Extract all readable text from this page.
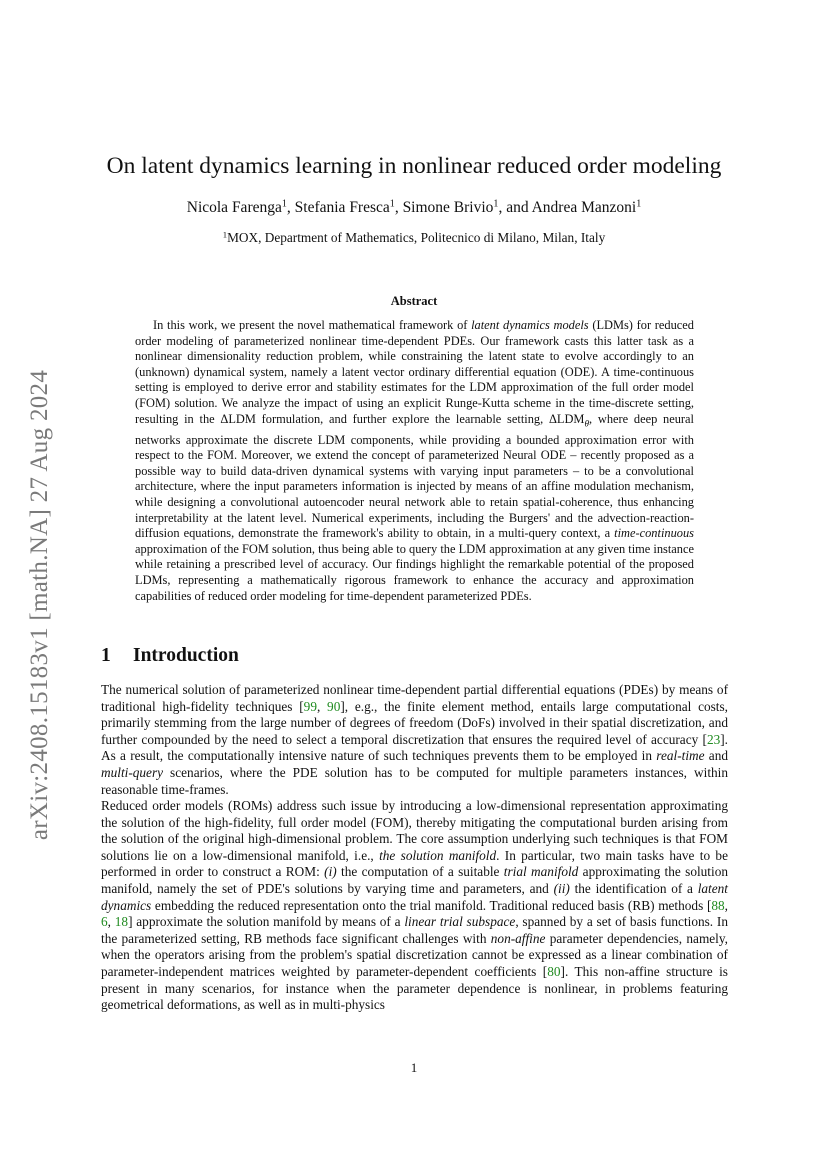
arXiv:2408.15183v1 [math.NA] 27 Aug 2024
On latent dynamics learning in nonlinear reduced order modeling
Nicola Farenga$^1$, Stefania Fresca$^1$, Simone Brivio$^1$, and Andrea Manzoni$^1$
$^1$MOX, Department of Mathematics, Politecnico di Milano, Milan, Italy
Abstract

In this work, we present the novel mathematical framework of latent dynamics models (LDMs) for reduced order modeling of parameterized nonlinear time-dependent PDEs. Our framework casts this latter task as a nonlinear dimensionality reduction problem, while constraining the latent state to evolve accordingly to an (unknown) dynamical system, namely a latent vector ordinary differential equation (ODE). A time-continuous setting is employed to derive error and stability estimates for the LDM approximation of the full order model (FOM) solution. We analyze the impact of using an explicit Runge-Kutta scheme in the time-discrete setting, resulting in the ΔLDM formulation, and further explore the learnable setting, $\Delta LDM_\theta$, where deep neural networks approximate the discrete LDM components, while providing a bounded approximation error with respect to the FOM. Moreover, we extend the concept of parameterized Neural ODE – recently proposed as a possible way to build data-driven dynamical systems with varying input parameters – to be a convolutional architecture, where the input parameters information is injected by means of an affine modulation mechanism, while designing a convolutional autoencoder neural network able to retain spatial-coherence, thus enhancing interpretability at the latent level. Numerical experiments, including the Burgers' and the advection-reaction-diffusion equations, demonstrate the framework's ability to obtain, in a multi-query context, a time-continuous approximation of the FOM solution, thus being able to query the LDM approximation at any given time instance while retaining a prescribed level of accuracy. Our findings highlight the remarkable potential of the proposed LDMs, representing a mathematically rigorous framework to enhance the accuracy and approximation capabilities of reduced order modeling for time-dependent parameterized PDEs.

1 Introduction

The numerical solution of parameterized nonlinear time-dependent partial differential equations (PDEs) by means of traditional high-fidelity techniques [99, 90], e.g., the finite element method, entails large computational costs, primarily stemming from the large number of degrees of freedom (DoFs) involved in their spatial discretization, and further compounded by the need to select a temporal discretization that ensures the required level of accuracy [23]. As a result, the computationally intensive nature of such techniques prevents them to be employed in real-time and multi-query scenarios, where the PDE solution has to be computed for multiple parameters instances, within reasonable time-frames.

Reduced order models (ROMs) address such issue by introducing a low-dimensional representation approximating the solution of the high-fidelity, full order model (FOM), thereby mitigating the computational burden arising from the solution of the original high-dimensional problem. The core assumption underlying such techniques is that FOM solutions lie on a low-dimensional manifold, i.e., the solution manifold. In particular, two main tasks have to be performed in order to construct a ROM: (i) the computation of a suitable trial manifold approximating the solution manifold, namely the set of PDE's solutions by varying time and parameters, and (ii) the identification of a latent dynamics embedding the reduced representation onto the trial manifold. Traditional reduced basis (RB) methods [88, 6, 18] approximate the solution manifold by means of a linear trial subspace, spanned by a set of basis functions. In the parameterized setting, RB methods face significant challenges with non-affine parameter dependencies, namely, when the operators arising from the problem's spatial discretization cannot be expressed as a linear combination of parameter-independent matrices weighted by parameter-dependent coefficients [80]. This non-affine structure is present in many scenarios, for instance when the parameter dependence is nonlinear, in problems featuring geometrical deformations, as well as in multi-physics

1
